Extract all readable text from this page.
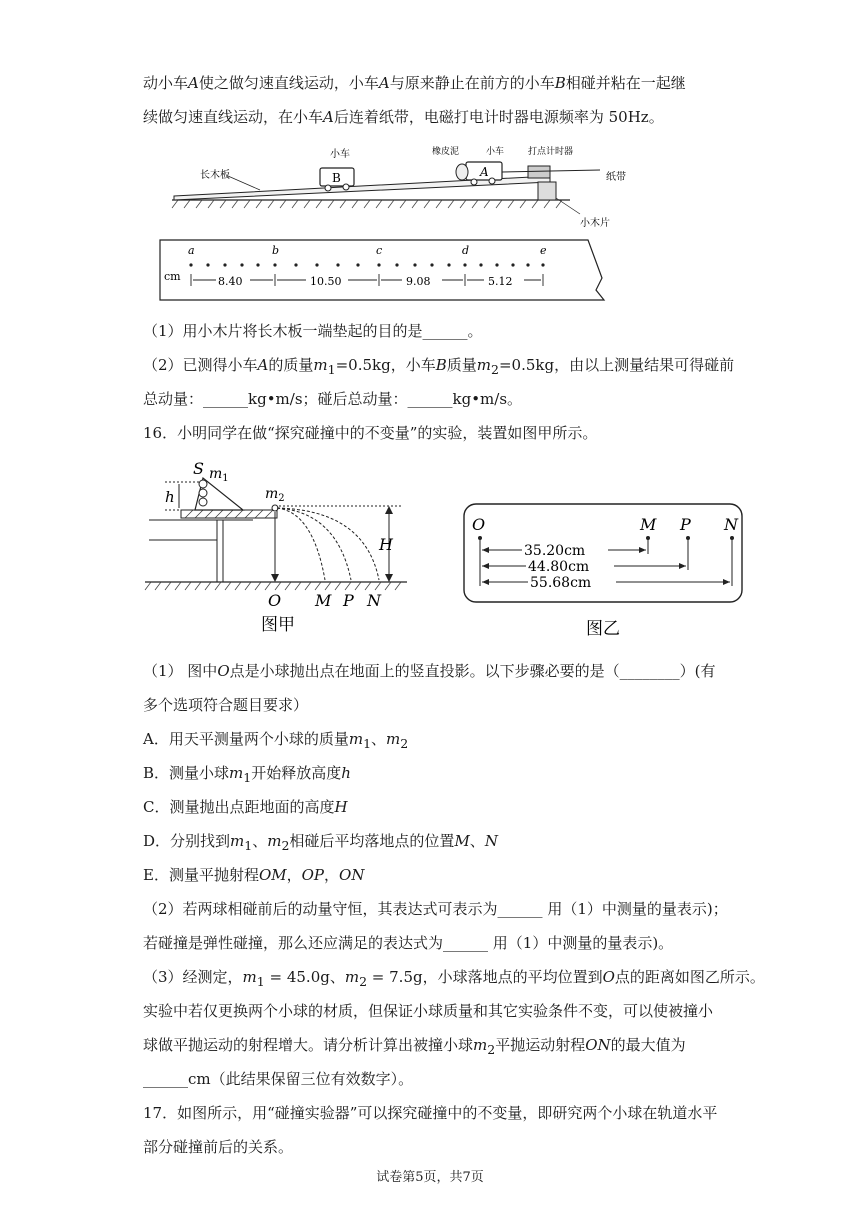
动小车A使之做匀速直线运动，小车A与原来静止在前方的小车B相碰并粘在一起继
续做匀速直线运动，在小车A后连着纸带，电磁打电计时器电源频率为 50Hz。
B	A
长木板
小车	橡皮泥	小车	打点计时器
纸带
小木片
a	b	c	d	e
cm	8.40	10.50	9.08	5.12
（1）用小木片将长木板一端垫起的目的是______。
（2）已测得小车A的质量$m_1=0.5kg$，小车B质量$m_2=0.5kg$，由以上测量结果可得碰前
总动量：______kg•m/s；碰后总动量：______kg•m/s。
16．小明同学在做“探究碰撞中的不变量”的实验，装置如图甲所示。
S $m_1$
h	$m_2$
H
O M P N
图甲
O	M P N
35.20cm
44.80cm
55.68cm
图乙
（1） 图中O点是小球抛出点在地面上的竖直投影。以下步骤必要的是（________）(有
多个选项符合题目要求）
A．用天平测量两个小球的质量$m_1$、$m_2$
B．测量小球$m_1$开始释放高度h
C．测量抛出点距地面的高度H
D．分别找到$m_1$、$m_2$相碰后平均落地点的位置M、N
E．测量平抛射程OM，OP，ON
（2）若两球相碰前后的动量守恒，其表达式可表示为______ 用（1）中测量的量表示)；
若碰撞是弹性碰撞，那么还应满足的表达式为______ 用（1）中测量的量表示)。
（3）经测定，$m_1 = 45.0g$、$m_2 = 7.5g$，小球落地点的平均位置到O点的距离如图乙所示。
实验中若仅更换两个小球的材质，但保证小球质量和其它实验条件不变，可以使被撞小
球做平抛运动的射程增大。请分析计算出被撞小球$m_2$平抛运动射程ON的最大值为
______cm（此结果保留三位有效数字）。
17．如图所示，用“碰撞实验器”可以探究碰撞中的不变量，即研究两个小球在轨道水平
部分碰撞前后的关系。
试卷第5页，共7页
